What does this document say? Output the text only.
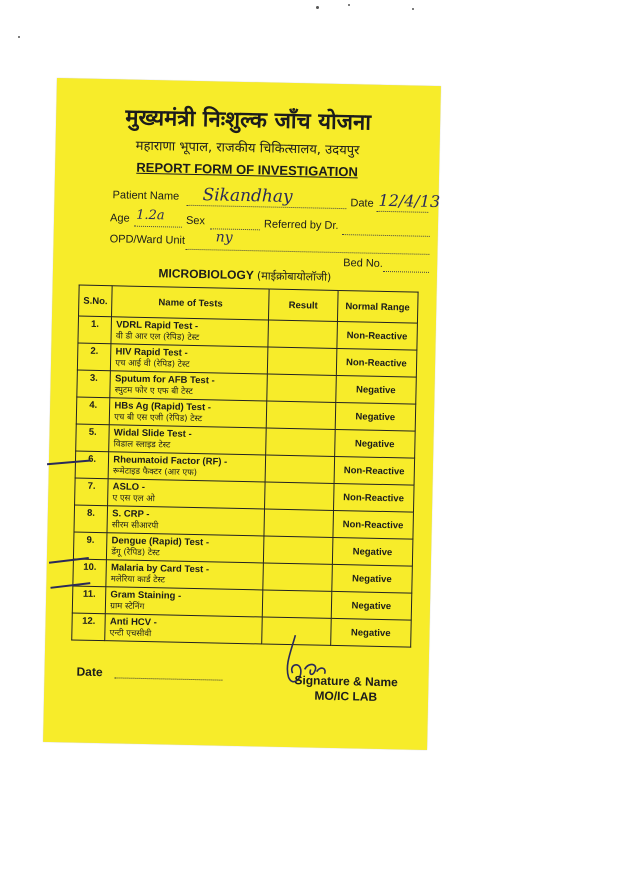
मुख्यमंत्री निःशुल्क जाँच योजना
महाराणा भूपाल, राजकीय चिकित्सालय, उदयपुर
REPORT FORM OF INVESTIGATION
Patient Name Sikandhay	Date 12/4/13
Age 1.2a Sex	Referred by Dr.
OPD/Ward Unit ny
Bed No.
MICROBIOLOGY (माईक्रोबायोलॉजी)
S.No.	Name of Tests	Result	Normal Range
1.	VDRL Rapid Test -
वी डी आर एल (रेपिड) टेस्ट		Non-Reactive
2.	HIV Rapid Test -
एच आई वी (रेपिड) टेस्ट		Non-Reactive
3.	Sputum for AFB Test -
स्पुटम फोर ए एफ बी टेस्ट		Negative
4.	HBs Ag (Rapid) Test -
एच बी एस एजी (रेपिड) टेस्ट		Negative
5.	Widal Slide Test -
विडाल स्लाइड टेस्ट		Negative
6.	Rheumatoid Factor (RF) -
रूमेटाइड फैक्टर (आर एफ)		Non-Reactive
7.	ASLO -
ए एस एल ओ		Non-Reactive
8.	S. CRP -
सीरम सीआरपी		Non-Reactive
9.	Dengue (Rapid) Test -
डेंगू (रेपिड) टेस्ट		Negative
10.	Malaria by Card Test -
मलेरिया कार्ड टेस्ट		Negative
11.	Gram Staining -
ग्राम स्टेनिंग		Negative
12.	Anti HCV -
एन्टी एचसीवी		Negative
Date
Signature & Name
MO/IC LAB
